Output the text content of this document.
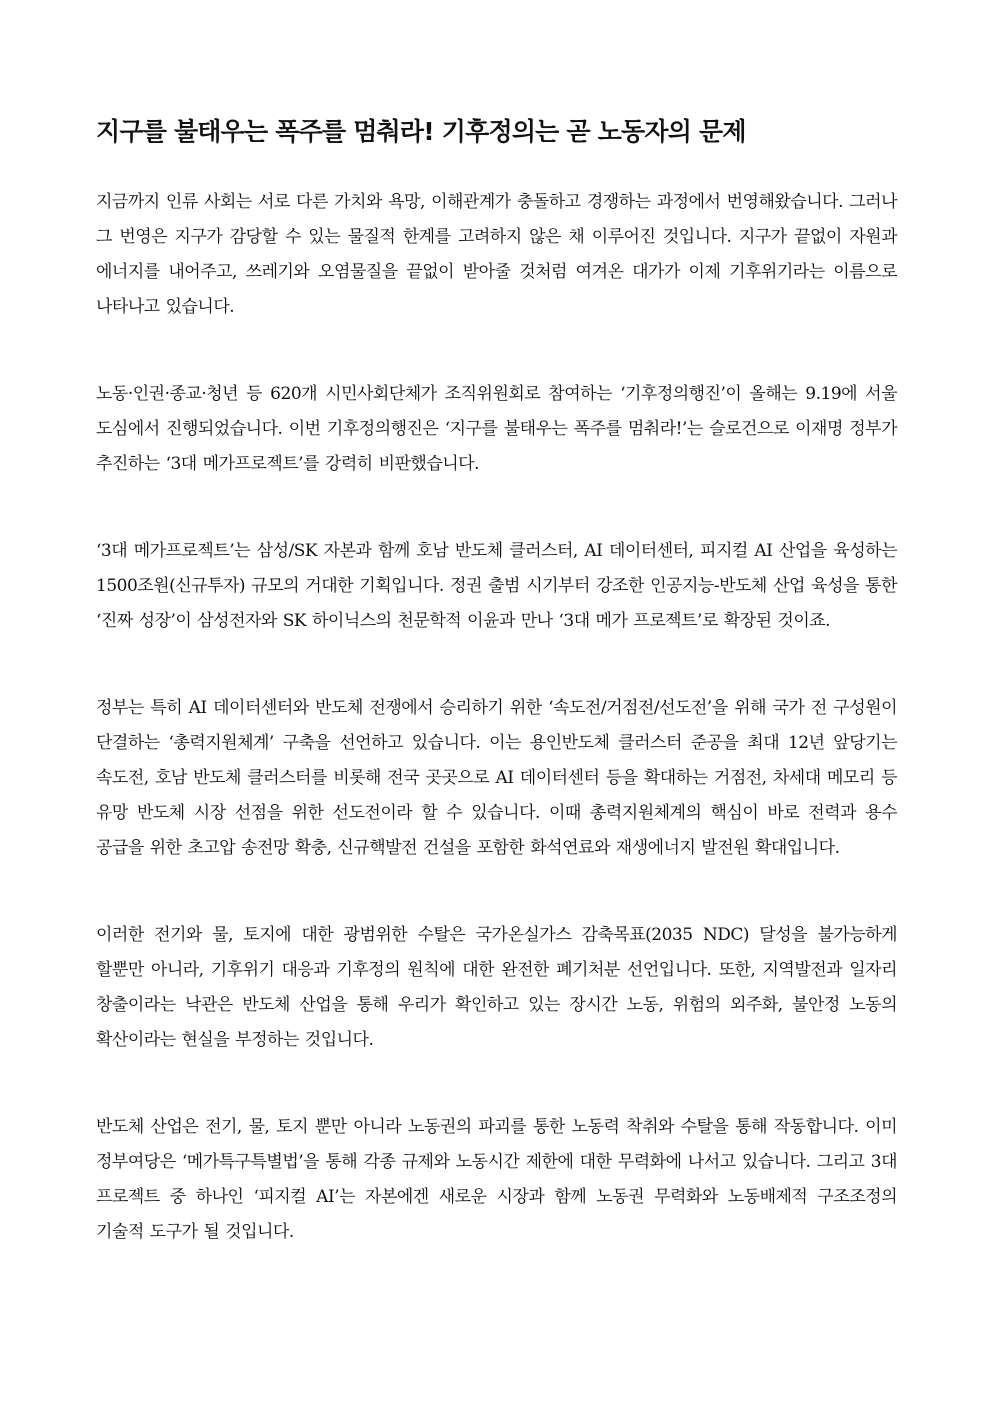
지구를 불태우는 폭주를 멈춰라! 기후정의는 곧 노동자의 문제

지금까지 인류 사회는 서로 다른 가치와 욕망, 이해관계가 충돌하고 경쟁하는 과정에서 번영해왔습니다. 그러나 그 번영은 지구가 감당할 수 있는 물질적 한계를 고려하지 않은 채 이루어진 것입니다. 지구가 끝없이 자원과 에너지를 내어주고, 쓰레기와 오염물질을 끝없이 받아줄 것처럼 여겨온 대가가 이제 기후위기라는 이름으로 나타나고 있습니다.

노동·인권·종교·청년 등 620개 시민사회단체가 조직위원회로 참여하는 ‘기후정의행진’이 올해는 9.19에 서울 도심에서 진행되었습니다. 이번 기후정의행진은 ‘지구를 불태우는 폭주를 멈춰라!’는 슬로건으로 이재명 정부가 추진하는 ‘3대 메가프로젝트’를 강력히 비판했습니다.

‘3대 메가프로젝트’는 삼성/SK 자본과 함께 호남 반도체 클러스터, AI 데이터센터, 피지컬 AI 산업을 육성하는 1500조원(신규투자) 규모의 거대한 기획입니다. 정권 출범 시기부터 강조한 인공지능-반도체 산업 육성을 통한 ‘진짜 성장’이 삼성전자와 SK 하이닉스의 천문학적 이윤과 만나 ‘3대 메가 프로젝트’로 확장된 것이죠.

정부는 특히 AI 데이터센터와 반도체 전쟁에서 승리하기 위한 ‘속도전/거점전/선도전’을 위해 국가 전 구성원이 단결하는 ‘총력지원체계’ 구축을 선언하고 있습니다. 이는 용인반도체 클러스터 준공을 최대 12년 앞당기는 속도전, 호남 반도체 클러스터를 비롯해 전국 곳곳으로 AI 데이터센터 등을 확대하는 거점전, 차세대 메모리 등 유망 반도체 시장 선점을 위한 선도전이라 할 수 있습니다. 이때 총력지원체계의 핵심이 바로 전력과 용수 공급을 위한 초고압 송전망 확충, 신규핵발전 건설을 포함한 화석연료와 재생에너지 발전원 확대입니다.

이러한 전기와 물, 토지에 대한 광범위한 수탈은 국가온실가스 감축목표(2035 NDC) 달성을 불가능하게 할뿐만 아니라, 기후위기 대응과 기후정의 원칙에 대한 완전한 폐기처분 선언입니다. 또한, 지역발전과 일자리 창출이라는 낙관은 반도체 산업을 통해 우리가 확인하고 있는 장시간 노동, 위험의 외주화, 불안정 노동의 확산이라는 현실을 부정하는 것입니다.

반도체 산업은 전기, 물, 토지 뿐만 아니라 노동권의 파괴를 통한 노동력 착취와 수탈을 통해 작동합니다. 이미 정부여당은 ‘메가특구특별법’을 통해 각종 규제와 노동시간 제한에 대한 무력화에 나서고 있습니다. 그리고 3대 프로젝트 중 하나인 ‘피지컬 AI’는 자본에겐 새로운 시장과 함께 노동권 무력화와 노동배제적 구조조정의 기술적 도구가 될 것입니다.
